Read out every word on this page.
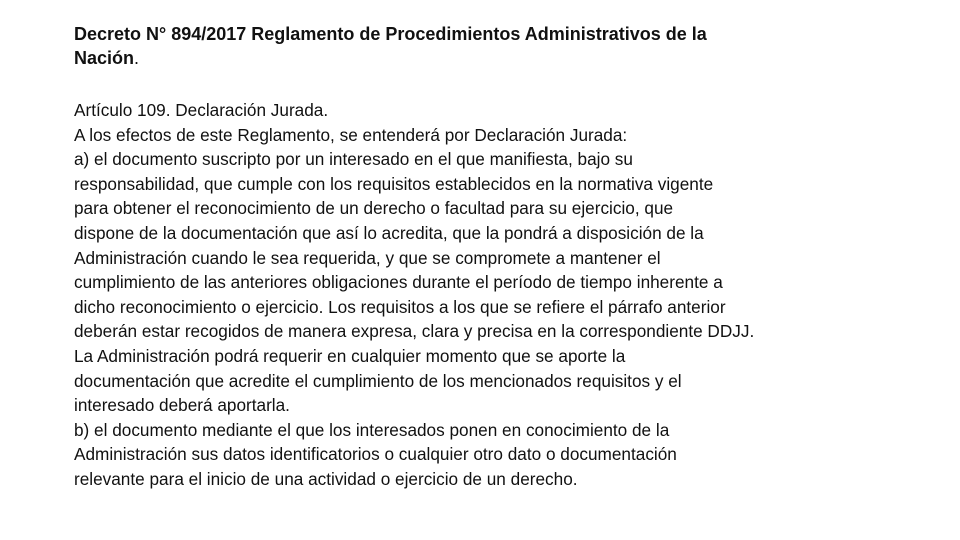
Decreto N° 894/2017 Reglamento de Procedimientos Administrativos de la
Nación.
Artículo 109. Declaración Jurada.
A los efectos de este Reglamento, se entenderá por Declaración Jurada:
a) el documento suscripto por un interesado en el que manifiesta, bajo su
responsabilidad, que cumple con los requisitos establecidos en la normativa vigente
para obtener el reconocimiento de un derecho o facultad para su ejercicio, que
dispone de la documentación que así lo acredita, que la pondrá a disposición de la
Administración cuando le sea requerida, y que se compromete a mantener el
cumplimiento de las anteriores obligaciones durante el período de tiempo inherente a
dicho reconocimiento o ejercicio. Los requisitos a los que se refiere el párrafo anterior
deberán estar recogidos de manera expresa, clara y precisa en la correspondiente DDJJ.
La Administración podrá requerir en cualquier momento que se aporte la
documentación que acredite el cumplimiento de los mencionados requisitos y el
interesado deberá aportarla.
b) el documento mediante el que los interesados ponen en conocimiento de la
Administración sus datos identificatorios o cualquier otro dato o documentación
relevante para el inicio de una actividad o ejercicio de un derecho.
